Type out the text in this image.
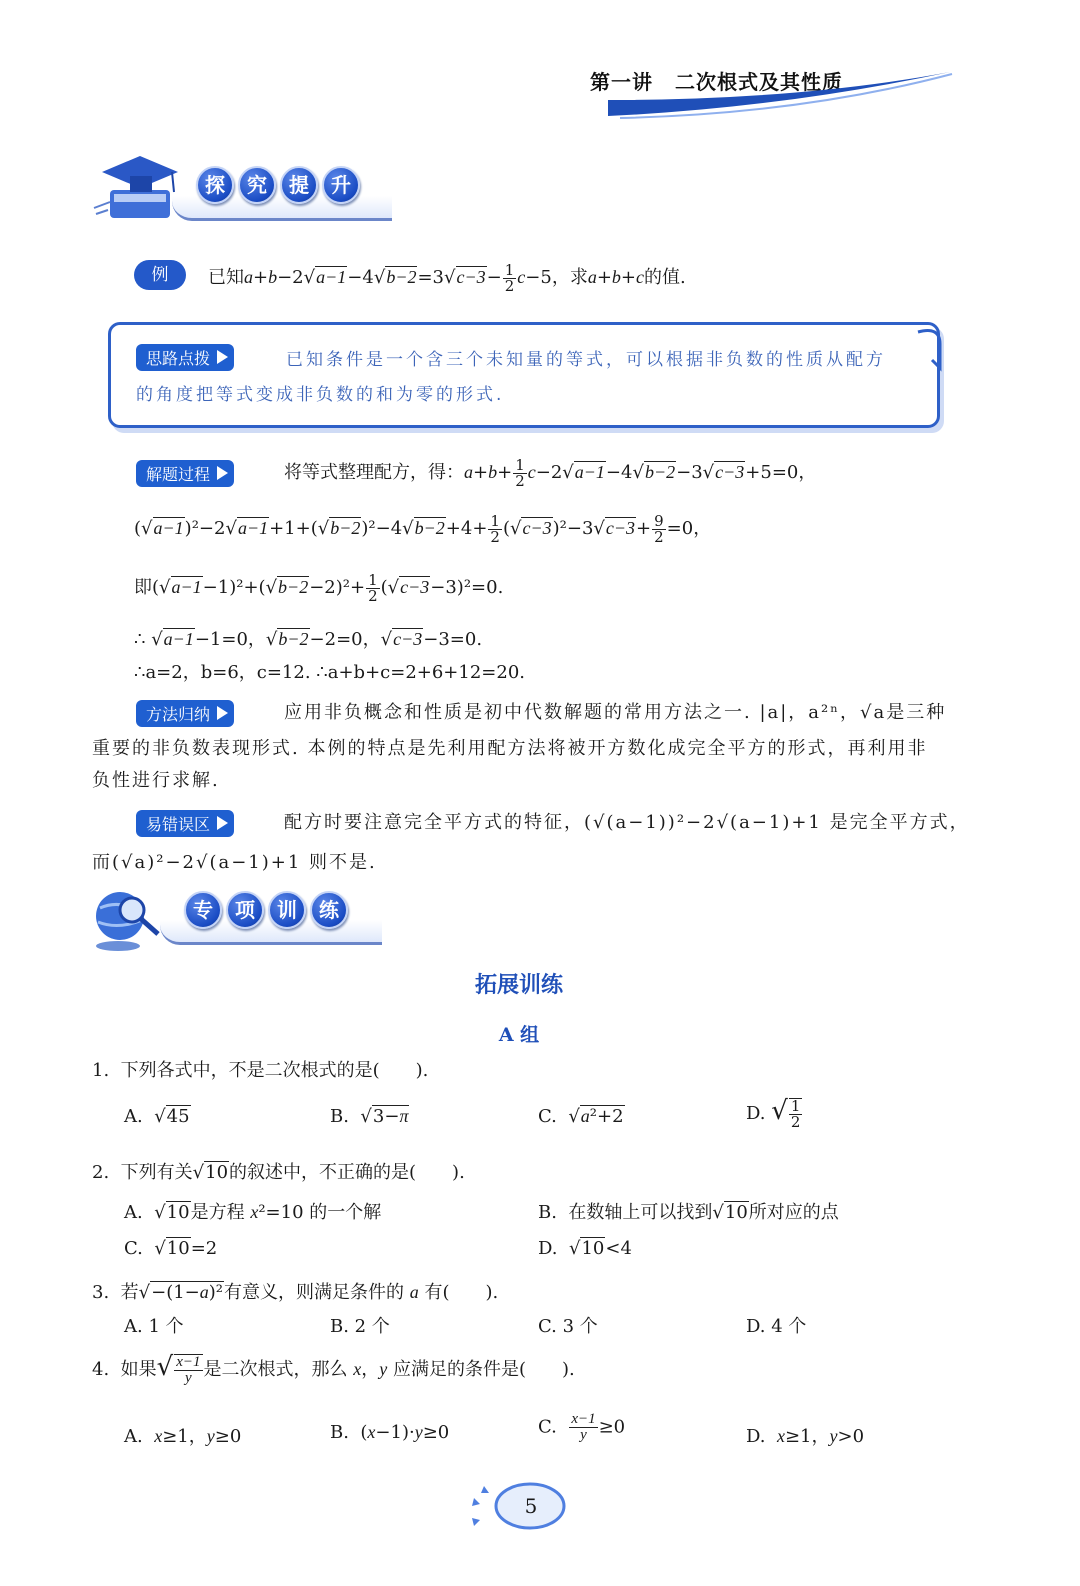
第一讲 二次根式及其性质
探 究 提 升
例	已知$a+b-2√a-1-4√b-2=3√c-3- \frac{1}{2} c-5$，求a+b+c的值.
思路点拨	已知条件是一个含三个未知量的等式，可以根据非负数的性质从配方
的角度把等式变成非负数的和为零的形式.
解题过程	将等式整理配方，得：$a+b+ \frac{1}{2} c-2√a-1-4√b-2-3√c-3+5=0$，
$(√a-1)^2-2√a-1+1+(√b-2)^2-4√b-2+4+ \frac{1}{2} (√c-3)^2-3√c-3+ \frac{9}{2} =0$，
即$(√a-1-1)^2+(√b-2-2)^2+ \frac{1}{2} (√c-3-3)^2=0$.
∴ √a−1−1=0，√b−2−2=0，√c−3−3=0.
∴a=2，b=6，c=12. ∴a+b+c=2+6+12=20.
方法归纳	应用非负概念和性质是初中代数解题的常用方法之一. |a|，a²ⁿ，√a是三种
重要的非负数表现形式. 本例的特点是先利用配方法将被开方数化成完全平方的形式，再利用非
负性进行求解.
易错误区	配方时要注意完全平方式的特征，(√(a−1))²−2√(a−1)+1 是完全平方式，
而(√a)²−2√(a−1)+1 则不是.
专 项 训 练
拓展训练
A 组
1. 下列各式中，不是二次根式的是(　　).
A. √45	B. √3−π	C. √a²+2	D. √ $\frac{1}{2}$
2. 下列有关√10的叙述中，不正确的是(　　).
A. √10是方程 x²=10 的一个解	B. 在数轴上可以找到√10所对应的点
C. √10=2	D. √10<4
3. 若√−(1−a)²有意义，则满足条件的 a 有(　　).
A. 1 个	B. 2 个	C. 3 个	D. 4 个
4. 如果√ $\frac{x-1}{y}$ 是二次根式，那么 x，y 应满足的条件是(　　).
A. x≥1，y≥0	B.  (x−1)·y≥0	C. $\frac{x-1}{y} \ge 0$	D. x≥1，y>0
5
